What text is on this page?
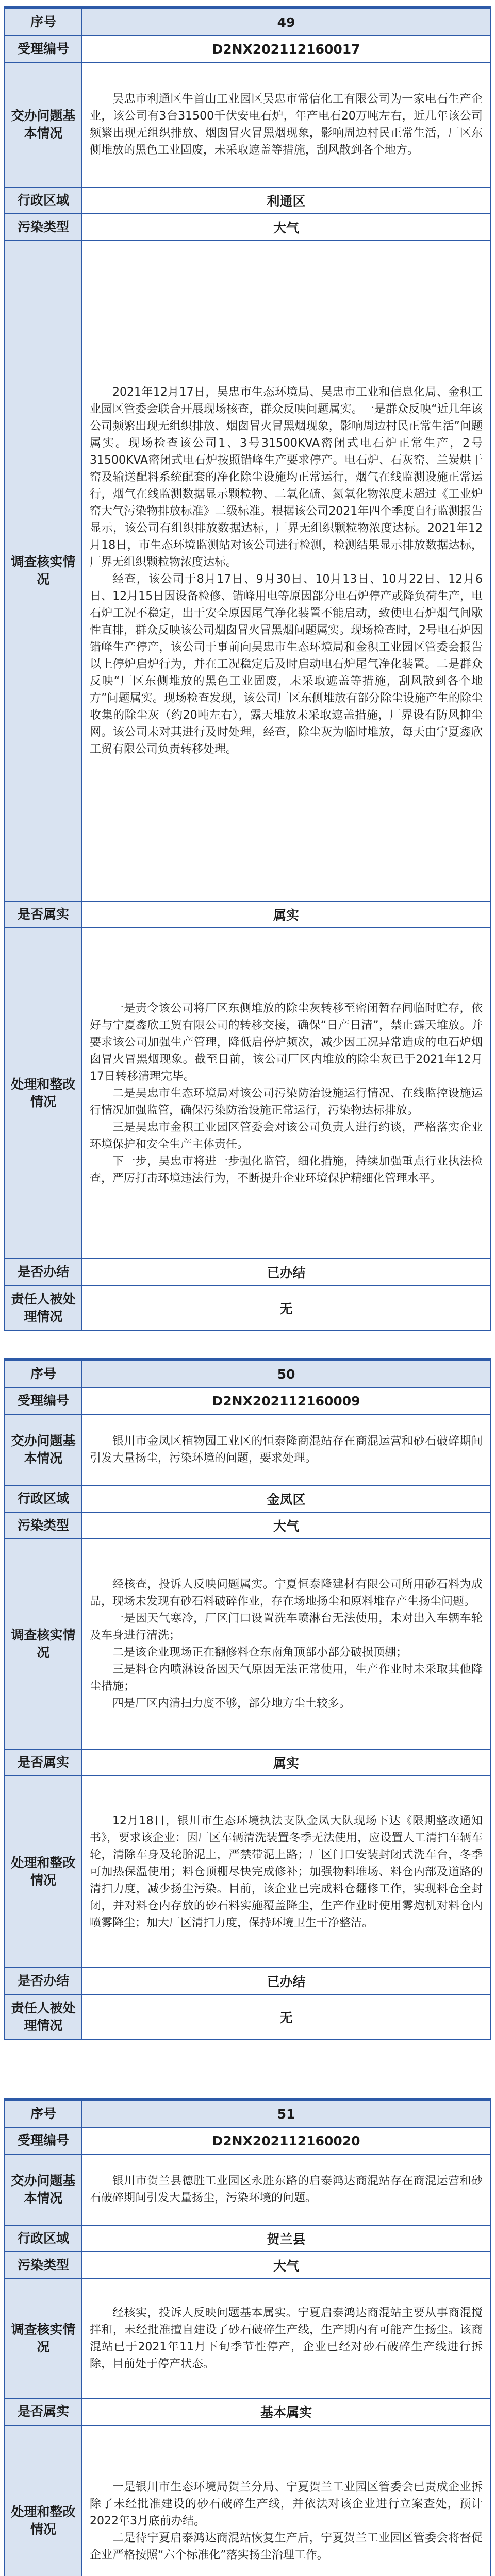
序号	49
受理编号	D2NX202112160017
交办问题基本情况	吴忠市利通区牛首山工业园区吴忠市常信化工有限公司为一家电石生产企业，该公司有3台31500千伏安电石炉，年产电石20万吨左右，近几年该公司频繁出现无组织排放、烟囱冒火冒黑烟现象，影响周边村民正常生活，厂区东侧堆放的黑色工业固废，未采取遮盖等措施，刮风散到各个地方。

行政区域	利通区
污染类型	大气
调查核实情况	2021年12月17日，吴忠市生态环境局、吴忠市工业和信息化局、金积工业园区管委会联合开展现场核查，群众反映问题属实。一是群众反映“近几年该公司频繁出现无组织排放、烟囱冒火冒黑烟现象，影响周边村民正常生活”问题属实。现场检查该公司1、3号31500KVA密闭式电石炉正常生产，2号31500KVA密闭式电石炉按照错峰生产要求停产。电石炉、石灰窑、兰炭烘干窑及输送配料系统配套的净化除尘设施均正常运行，烟气在线监测设施正常运行，烟气在线监测数据显示颗粒物、二氧化硫、氮氧化物浓度未超过《工业炉窑大气污染物排放标准》二级标准。根据该公司2021年四个季度自行监测报告显示，该公司有组织排放数据达标，厂界无组织颗粒物浓度达标。2021年12月18日，市生态环境监测站对该公司进行检测，检测结果显示排放数据达标，厂界无组织颗粒物浓度达标。

经查，该公司于8月17日、9月30日、10月13日、10月22日、12月6日、12月15日因设备检修、错峰用电等原因部分电石炉停产或降负荷生产，电石炉工况不稳定，出于安全原因尾气净化装置不能启动，致使电石炉烟气间歇性直排，群众反映该公司烟囱冒火冒黑烟问题属实。现场检查时，2号电石炉因错峰生产停产，该公司于事前向吴忠市生态环境局和金积工业园区管委会报告以上停炉启炉行为，并在工况稳定后及时启动电石炉尾气净化装置。二是群众反映“厂区东侧堆放的黑色工业固废，未采取遮盖等措施，刮风散到各个地方”问题属实。现场检查发现，该公司厂区东侧堆放有部分除尘设施产生的除尘收集的除尘灰（约20吨左右），露天堆放未采取遮盖措施，厂界设有防风抑尘网。该公司未对其进行及时处理，经查，除尘灰为临时堆放，每天由宁夏鑫欣工贸有限公司负责转移处理。

是否属实	属实
处理和整改情况	一是责令该公司将厂区东侧堆放的除尘灰转移至密闭暂存间临时贮存，依好与宁夏鑫欣工贸有限公司的转移交接，确保“日产日清”，禁止露天堆放。并要求该公司加强生产管理，降低启停炉频次，减少因工况异常造成的电石炉烟囱冒火冒黑烟现象。截至目前，该公司厂区内堆放的除尘灰已于2021年12月17日转移清理完毕。

二是吴忠市生态环境局对该公司污染防治设施运行情况、在线监控设施运行情况加强监管，确保污染防治设施正常运行，污染物达标排放。

三是吴忠市金积工业园区管委会对该公司负责人进行约谈，严格落实企业环境保护和安全生产主体责任。

下一步，吴忠市将进一步强化监管，细化措施，持续加强重点行业执法检查，严厉打击环境违法行为，不断提升企业环境保护精细化管理水平。

是否办结	已办结
责任人被处理情况	无
序号	50
受理编号	D2NX202112160009
交办问题基本情况	银川市金凤区植物园工业区的恒泰隆商混站存在商混运营和砂石破碎期间引发大量扬尘，污染环境的问题，要求处理。

行政区域	金凤区
污染类型	大气
调查核实情况	经核查，投诉人反映问题属实。宁夏恒泰隆建材有限公司所用砂石料为成品，现场未发现有砂石料破碎作业，存在场地扬尘和原料堆存产生扬尘问题。

一是因天气寒冷，厂区门口设置洗车喷淋台无法使用，未对出入车辆车轮及车身进行清洗；

二是该企业现场正在翻修料仓东南角顶部小部分破损顶棚；

三是料仓内喷淋设备因天气原因无法正常使用，生产作业时未采取其他降尘措施；

四是厂区内清扫力度不够，部分地方尘土较多。

是否属实	属实
处理和整改情况	12月18日，银川市生态环境执法支队金凤大队现场下达《限期整改通知书》，要求该企业：因厂区车辆清洗装置冬季无法使用，应设置人工清扫车辆车轮，清除车身及轮胎泥土，严禁带泥上路；厂区门口安装封闭式洗车台，冬季可加热保温使用；料仓顶棚尽快完成修补；加强物料堆场、料仓内部及道路的清扫力度，减少扬尘污染。目前，该企业已完成料仓翻修工作，实现料仓全封闭，并对料仓内存放的砂石料实施覆盖降尘，生产作业时使用雾炮机对料仓内喷雾降尘；加大厂区清扫力度，保持环境卫生干净整洁。

是否办结	已办结
责任人被处理情况	无
序号	51
受理编号	D2NX202112160020
交办问题基本情况	银川市贺兰县德胜工业园区永胜东路的启泰鸿达商混站存在商混运营和砂石破碎期间引发大量扬尘，污染环境的问题。

行政区域	贺兰县
污染类型	大气
调查核实情况	经核实，投诉人反映问题基本属实。宁夏启泰鸿达商混站主要从事商混搅拌和，未经批准擅自建设了砂石破碎生产线，生产期内有可能产生扬尘。该商混站已于2021年11月下旬季节性停产，企业已经对砂石破碎生产线进行拆除，目前处于停产状态。

是否属实	基本属实
处理和整改情况	一是银川市生态环境局贺兰分局、宁夏贺兰工业园区管委会已责成企业拆除了未经批准建设的砂石破碎生产线，并依法对该企业进行立案查处，预计2022年3月底前办结。

二是待宁夏启泰鸿达商混站恢复生产后，宁夏贺兰工业园区管委会将督促企业严格按照“六个标准化”落实扬尘治理工作。
